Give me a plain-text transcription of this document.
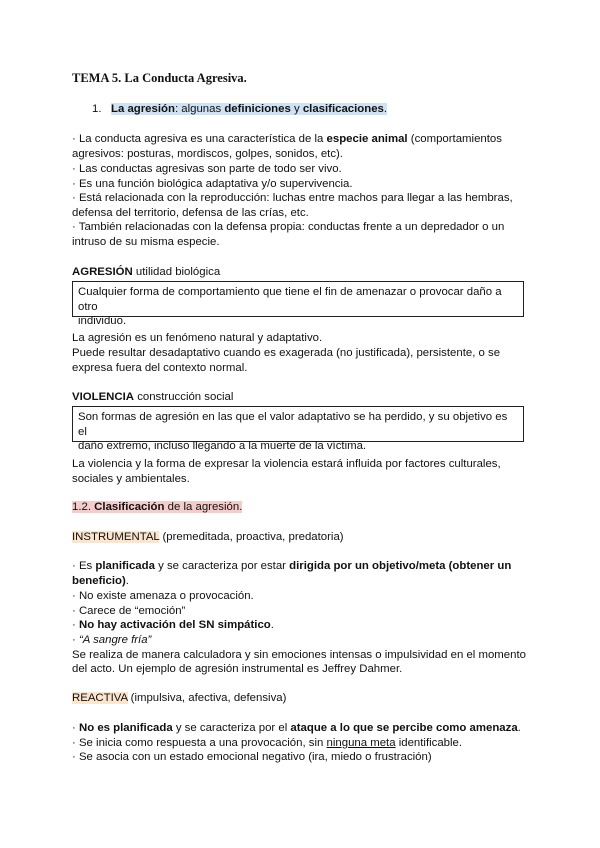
TEMA 5. La Conducta Agresiva.
1. La agresión: algunas definiciones y clasificaciones.
· La conducta agresiva es una característica de la especie animal (comportamientos
agresivos: posturas, mordiscos, golpes, sonidos, etc).
· Las conductas agresivas son parte de todo ser vivo.
· Es una función biológica adaptativa y/o supervivencia.
· Está relacionada con la reproducción: luchas entre machos para llegar a las hembras,
defensa del territorio, defensa de las crías, etc.
· También relacionadas con la defensa propia: conductas frente a un depredador o un
intruso de su misma especie.
AGRESIÓN utilidad biológica
Cualquier forma de comportamiento que tiene el fin de amenazar o provocar daño a otro
individuo.
La agresión es un fenómeno natural y adaptativo.
Puede resultar desadaptativo cuando es exagerada (no justificada), persistente, o se
expresa fuera del contexto normal.
VIOLENCIA construcción social
Son formas de agresión en las que el valor adaptativo se ha perdido, y su objetivo es el
daño extremo, incluso llegando a la muerte de la víctima.
La violencia y la forma de expresar la violencia estará influida por factores culturales,
sociales y ambientales.
1.2. Clasificación de la agresión.
INSTRUMENTAL (premeditada, proactiva, predatoria)
· Es planificada y se caracteriza por estar dirigida por un objetivo/meta (obtener un
beneficio).
· No existe amenaza o provocación.
· Carece de “emoción”
· No hay activación del SN simpático.
· “A sangre fría”
Se realiza de manera calculadora y sin emociones intensas o impulsividad en el momento
del acto. Un ejemplo de agresión instrumental es Jeffrey Dahmer.
REACTIVA (impulsiva, afectiva, defensiva)
· No es planificada y se caracteriza por el ataque a lo que se percibe como amenaza.
· Se inicia como respuesta a una provocación, sin ninguna meta identificable.
· Se asocia con un estado emocional negativo (ira, miedo o frustración)
